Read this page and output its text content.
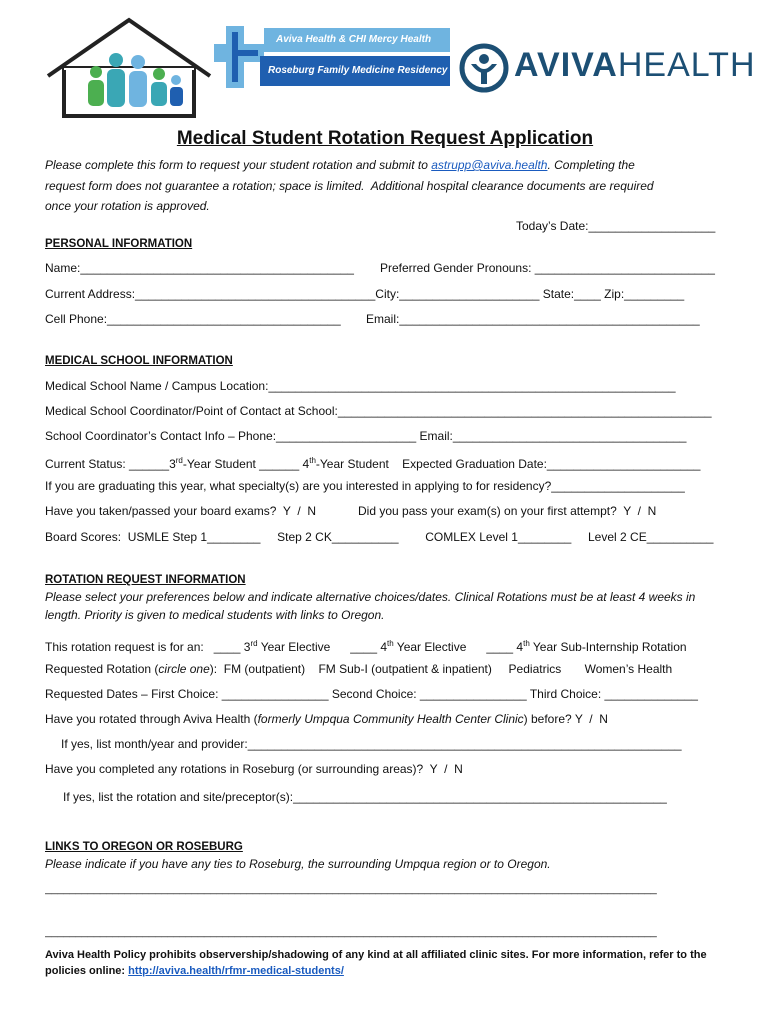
Aviva Health & CHI Mercy Health
Roseburg Family Medicine Residency AVIVAHEALTH
Medical Student Rotation Request Application
Please complete this form to request your student rotation and submit to astrupp@aviva.health. Completing the
request form does not guarantee a rotation; space is limited.  Additional hospital clearance documents are required
once your rotation is approved.
Today’s Date:___________________
PERSONAL INFORMATION
Name:_________________________________________ Preferred Gender Pronouns: ___________________________
Current Address:____________________________________City:_____________________ State:____ Zip:_________
Cell Phone:___________________________________ Email:_____________________________________________
MEDICAL SCHOOL INFORMATION
Medical School Name / Campus Location:_____________________________________________________________
Medical School Coordinator/Point of Contact at School:________________________________________________________
School Coordinator’s Contact Info – Phone:_____________________ Email:___________________________________
Current Status: ______3rd-Year Student ______ 4th-Year Student    Expected Graduation Date:_______________________
If you are graduating this year, what specialty(s) are you interested in applying to for residency?____________________
Have you taken/passed your board exams?  Y  /  N	Did you pass your exam(s) on your first attempt?  Y  /  N
Board Scores:  USMLE Step 1________     Step 2 CK__________        COMLEX Level 1________     Level 2 CE__________
ROTATION REQUEST INFORMATION
Please select your preferences below and indicate alternative choices/dates. Clinical Rotations must be at least 4 weeks in
length. Priority is given to medical students with links to Oregon.
This rotation request is for an:   ____ 3rd Year Elective      ____ 4th Year Elective      ____ 4th Year Sub-Internship Rotation
Requested Rotation (circle one):  FM (outpatient)    FM Sub-I (outpatient & inpatient)     Pediatrics       Women’s Health
Requested Dates – First Choice: ________________ Second Choice: ________________ Third Choice: ______________
Have you rotated through Aviva Health (formerly Umpqua Community Health Center Clinic) before? Y  /  N
If yes, list month/year and provider:_________________________________________________________________
Have you completed any rotations in Roseburg (or surrounding areas)?  Y  /  N
If yes, list the rotation and site/preceptor(s):________________________________________________________
LINKS TO OREGON OR ROSEBURG
Please indicate if you have any ties to Roseburg, the surrounding Umpqua region or to Oregon.
____________________________________________________________________________________________________
____________________________________________________________________________________________________
Aviva Health Policy prohibits observership/shadowing of any kind at all affiliated clinic sites. For more information, refer to the
policies online: http://aviva.health/rfmr-medical-students/
